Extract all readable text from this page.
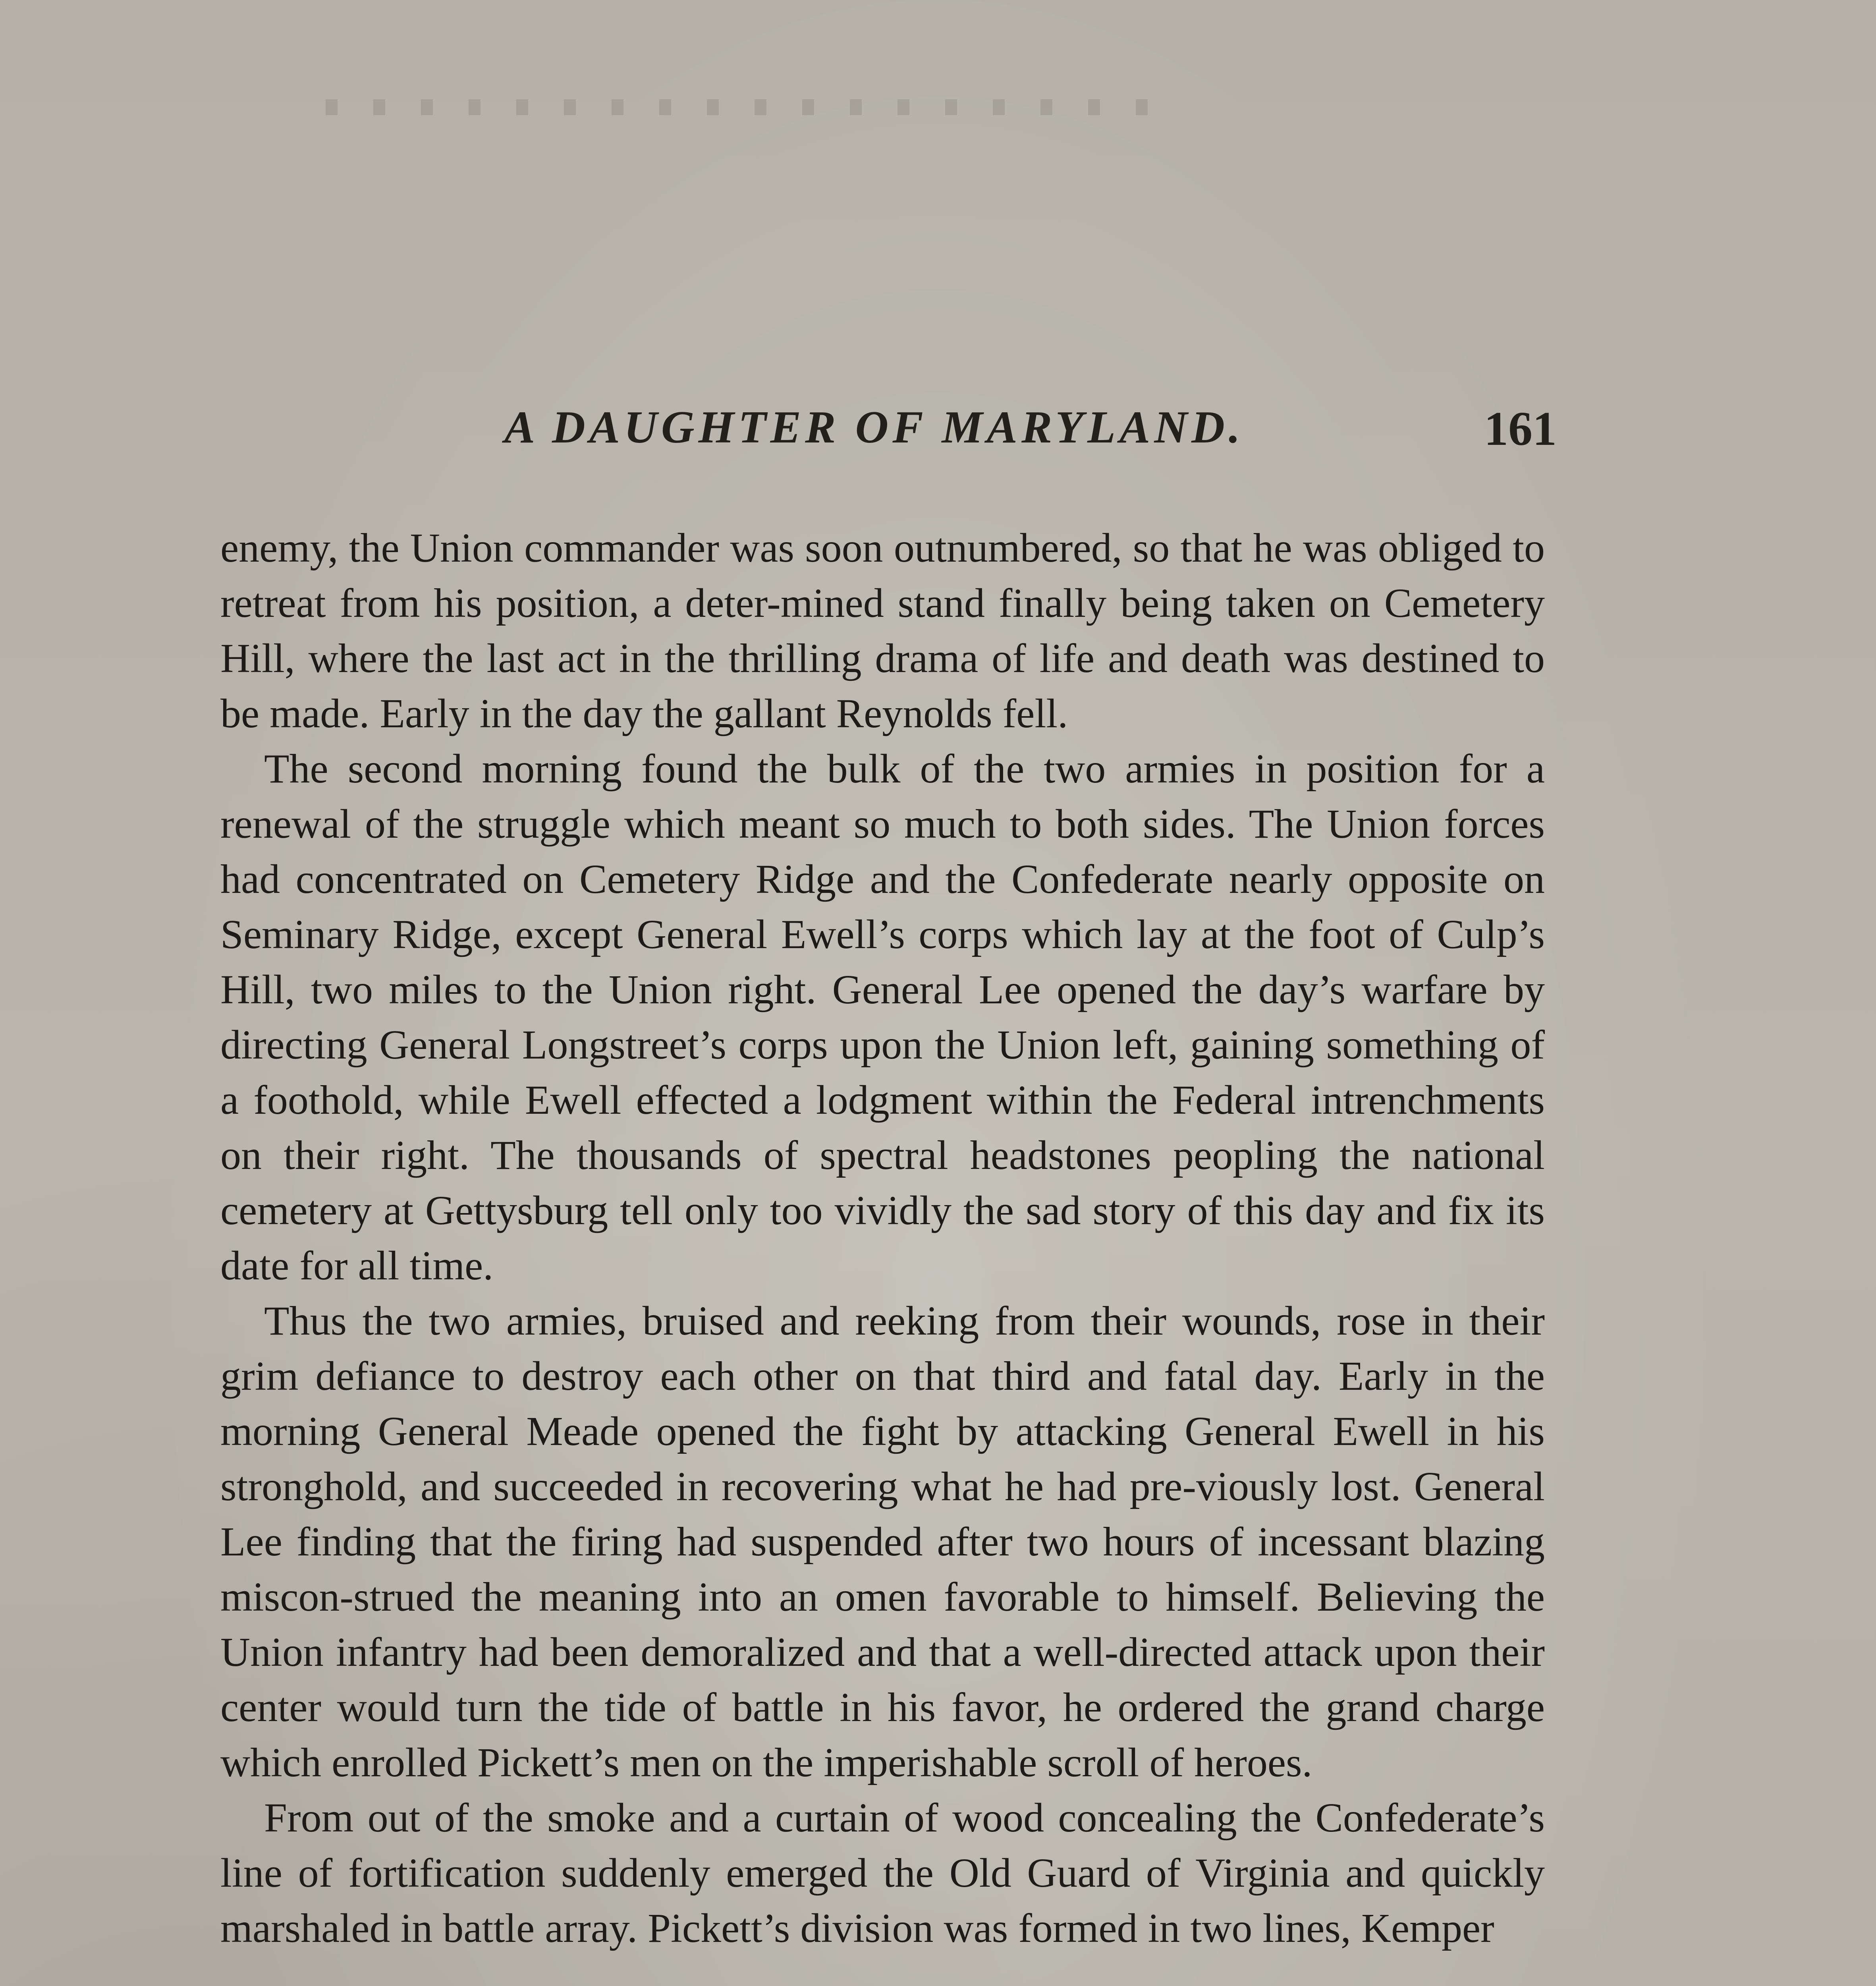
A DAUGHTER OF MARYLAND.	161

enemy, the Union commander was soon outnumbered, so that he was obliged to retreat from his position, a deter-mined stand finally being taken on Cemetery Hill, where the last act in the thrilling drama of life and death was destined to be made. Early in the day the gallant Reynolds fell.

The second morning found the bulk of the two armies in position for a renewal of the struggle which meant so much to both sides. The Union forces had concentrated on Cemetery Ridge and the Confederate nearly opposite on Seminary Ridge, except General Ewell’s corps which lay at the foot of Culp’s Hill, two miles to the Union right. General Lee opened the day’s warfare by directing General Longstreet’s corps upon the Union left, gaining something of a foothold, while Ewell effected a lodgment within the Federal intrenchments on their right. The thousands of spectral headstones peopling the national cemetery at Gettysburg tell only too vividly the sad story of this day and fix its date for all time.

Thus the two armies, bruised and reeking from their wounds, rose in their grim defiance to destroy each other on that third and fatal day. Early in the morning General Meade opened the fight by attacking General Ewell in his stronghold, and succeeded in recovering what he had pre-viously lost. General Lee finding that the firing had suspended after two hours of incessant blazing miscon-strued the meaning into an omen favorable to himself. Believing the Union infantry had been demoralized and that a well-directed attack upon their center would turn the tide of battle in his favor, he ordered the grand charge which enrolled Pickett’s men on the imperishable scroll of heroes.

From out of the smoke and a curtain of wood concealing the Confederate’s line of fortification suddenly emerged the Old Guard of Virginia and quickly marshaled in battle array. Pickett’s division was formed in two lines, Kemper
